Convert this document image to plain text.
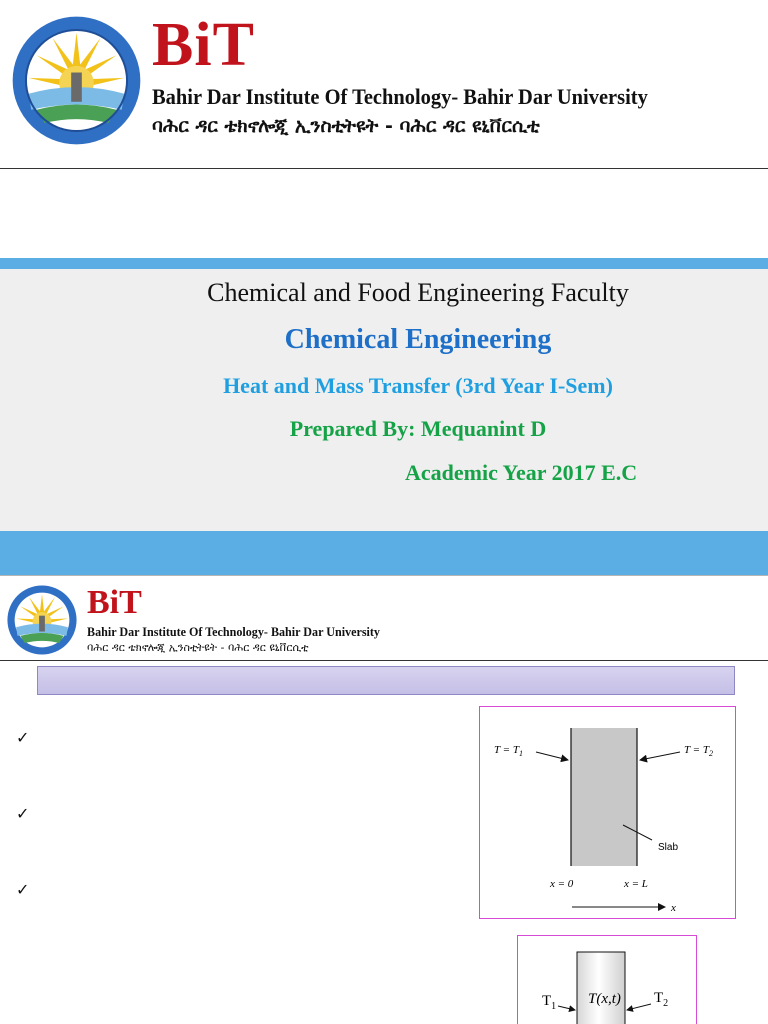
BiT
Bahir Dar Institute Of Technology- Bahir Dar University
ባሕር ዳር ቴክኖሎጂ ኢንስቲትዩት - ባሕር ዳር ዩኒቨርሲቲ
Chemical and Food Engineering Faculty
Chemical Engineering
Heat and Mass Transfer (3rd Year I-Sem)
Prepared By: Mequanint D
Academic Year 2017 E.C
BiT
Bahir Dar Institute Of Technology- Bahir Dar University
ባሕር ዳር ቴክኖሎጂ ኢንስቲትዩት - ባሕር ዳር ዩኒቨርሲቲ
✓
✓
✓
$T = T_1$	$T = T_2$
Slab
x = 0	x = L
x
$T_1$ T(x,t) $T_2$
